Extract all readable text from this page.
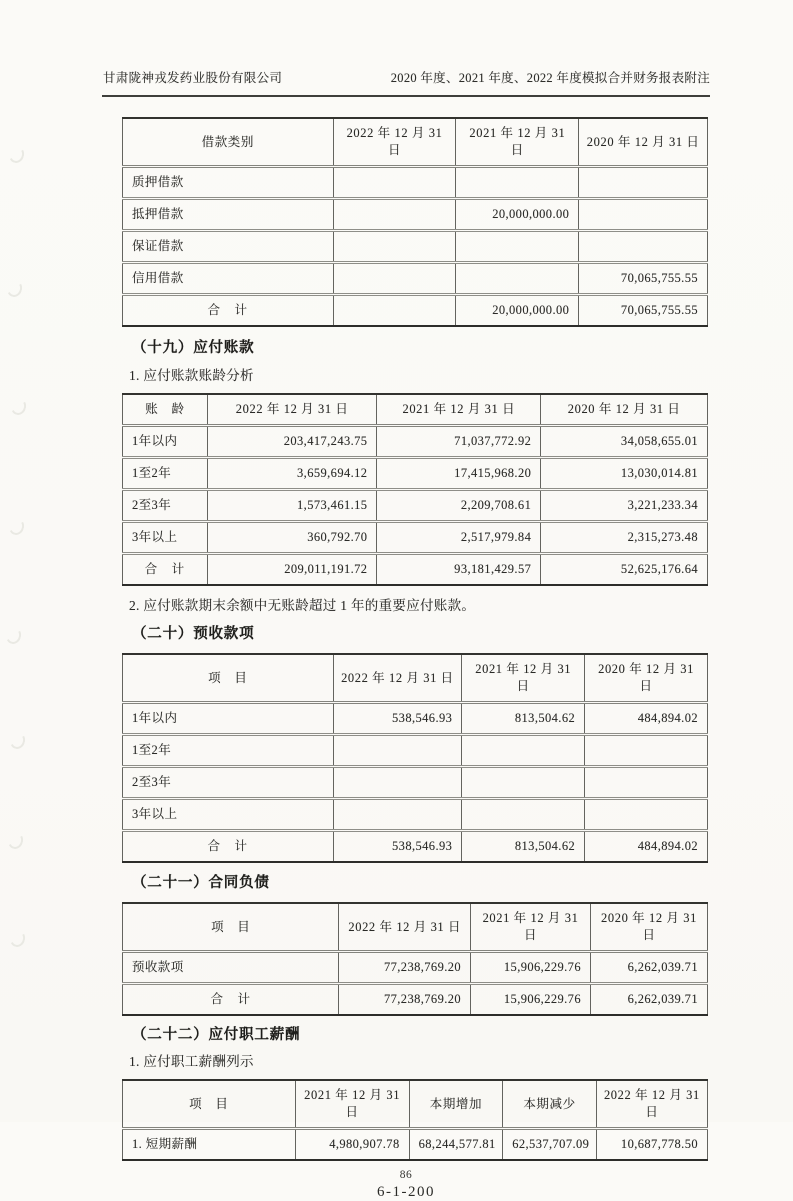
甘肃陇神戎发药业股份有限公司	2020 年度、2021 年度、2022 年度模拟合并财务报表附注
借款类别	2022 年 12 月 31 日	2021 年 12 月 31 日	2020 年 12 月 31 日
质押借款			
抵押借款		20,000,000.00	
保证借款			
信用借款			70,065,755.55
合　计		20,000,000.00	70,065,755.55
（十九）应付账款
1. 应付账款账龄分析
账　龄	2022 年 12 月 31 日	2021 年 12 月 31 日	2020 年 12 月 31 日
1年以内	203,417,243.75	71,037,772.92	34,058,655.01
1至2年	3,659,694.12	17,415,968.20	13,030,014.81
2至3年	1,573,461.15	2,209,708.61	3,221,233.34
3年以上	360,792.70	2,517,979.84	2,315,273.48
合　计	209,011,191.72	93,181,429.57	52,625,176.64
2. 应付账款期末余额中无账龄超过 1 年的重要应付账款。
（二十）预收款项
项　目	2022 年 12 月 31 日	2021 年 12 月 31 日	2020 年 12 月 31 日
1年以内	538,546.93	813,504.62	484,894.02
1至2年			
2至3年			
3年以上			
合　计	538,546.93	813,504.62	484,894.02
（二十一）合同负债
项　目	2022 年 12 月 31 日	2021 年 12 月 31 日	2020 年 12 月 31 日
预收款项	77,238,769.20	15,906,229.76	6,262,039.71
合　计	77,238,769.20	15,906,229.76	6,262,039.71
（二十二）应付职工薪酬
1. 应付职工薪酬列示
项　目	2021 年 12 月 31 日	本期增加	本期减少	2022 年 12 月 31 日
1. 短期薪酬	4,980,907.78	68,244,577.81	62,537,707.09	10,687,778.50
86
6-1-200
